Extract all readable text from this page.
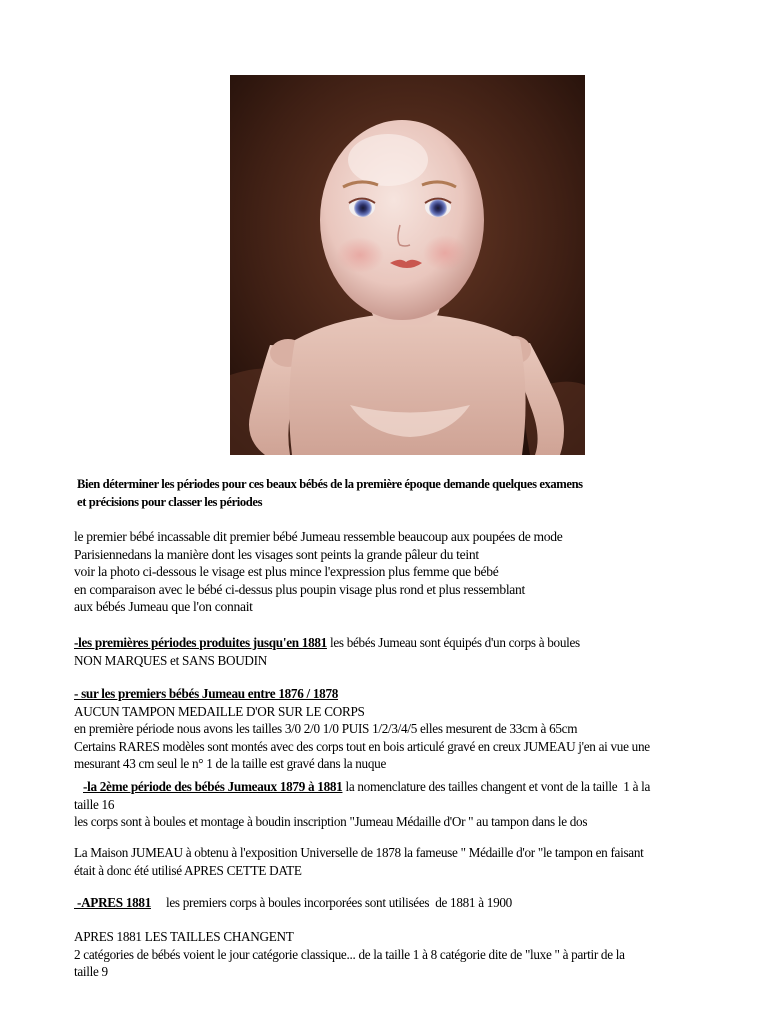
Bien déterminer les périodes pour ces beaux bébés de la première époque demande quelques examens

et précisions pour classer les périodes

le premier bébé incassable dit premier bébé Jumeau ressemble beaucoup aux poupées de mode

Parisiennedans la manière dont les visages sont peints la grande pâleur du teint

voir la photo ci-dessous le visage est plus mince l'expression plus femme que bébé

en comparaison avec le bébé ci-dessus plus poupin visage plus rond et plus ressemblant

aux bébés Jumeau que l'on connait

-les premières périodes produites jusqu'en 1881 les bébés Jumeau sont équipés d'un corps à boules

NON MARQUES et SANS BOUDIN

- sur les premiers bébés Jumeau entre 1876 / 1878

AUCUN TAMPON MEDAILLE D'OR SUR LE CORPS

en première période nous avons les tailles 3/0 2/0 1/0 PUIS 1/2/3/4/5 elles mesurent de 33cm à 65cm

Certains RARES modèles sont montés avec des corps tout en bois articulé gravé en creux JUMEAU j'en ai vue une

mesurant 43 cm seul le n° 1 de la taille est gravé dans la nuque

-la 2ème période des bébés Jumeaux 1879 à 1881 la nomenclature des tailles changent et vont de la taille  1 à la

taille 16

les corps sont à boules et montage à boudin inscription "Jumeau Médaille d'Or " au tampon dans le dos

La Maison JUMEAU à obtenu à l'exposition Universelle de 1878 la fameuse " Médaille d'or "le tampon en faisant

était à donc été utilisé APRES CETTE DATE

-APRES 1881     les premiers corps à boules incorporées sont utilisées  de 1881 à 1900

APRES 1881 LES TAILLES CHANGENT

2 catégories de bébés voient le jour catégorie classique... de la taille 1 à 8 catégorie dite de "luxe " à partir de la

taille 9
